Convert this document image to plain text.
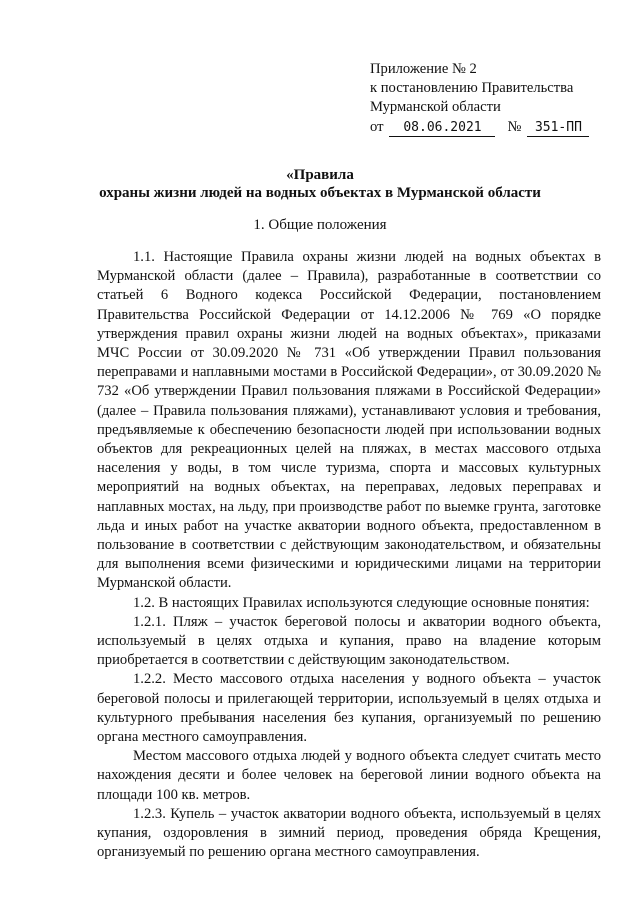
Приложение № 2
к постановлению Правительства
Мурманской области
от 08.06.2021 № 351-ПП
«Правила
охраны жизни людей на водных объектах в Мурманской области
1. Общие положения

1.1. Настоящие Правила охраны жизни людей на водных объектах в Мурманской области (далее – Правила), разработанные в соответствии со статьей 6 Водного кодекса Российской Федерации, постановлением Правительства Российской Федерации от 14.12.2006 № 769 «О порядке утверждения правил охраны жизни людей на водных объектах», приказами МЧС России от 30.09.2020 № 731 «Об утверждении Правил пользования переправами и наплавными мостами в Российской Федерации», от 30.09.2020 № 732 «Об утверждении Правил пользования пляжами в Российской Федерации» (далее – Правила пользования пляжами), устанавливают условия и требования, предъявляемые к обеспечению безопасности людей при использовании водных объектов для рекреационных целей на пляжах, в местах массового отдыха населения у воды, в том числе туризма, спорта и массовых культурных мероприятий на водных объектах, на переправах, ледовых переправах и наплавных мостах, на льду, при производстве работ по выемке грунта, заготовке льда и иных работ на участке акватории водного объекта, предоставленном в пользование в соответствии с действующим законодательством, и обязательны для выполнения всеми физическими и юридическими лицами на территории Мурманской области.

1.2. В настоящих Правилах используются следующие основные понятия:

1.2.1. Пляж – участок береговой полосы и акватории водного объекта, используемый в целях отдыха и купания, право на владение которым приобретается в соответствии с действующим законодательством.

1.2.2. Место массового отдыха населения у водного объекта – участок береговой полосы и прилегающей территории, используемый в целях отдыха и культурного пребывания населения без купания, организуемый по решению органа местного самоуправления.

Местом массового отдыха людей у водного объекта следует считать место нахождения десяти и более человек на береговой линии водного объекта на площади 100 кв. метров.

1.2.3. Купель – участок акватории водного объекта, используемый в целях купания, оздоровления в зимний период, проведения обряда Крещения, организуемый по решению органа местного самоуправления.
